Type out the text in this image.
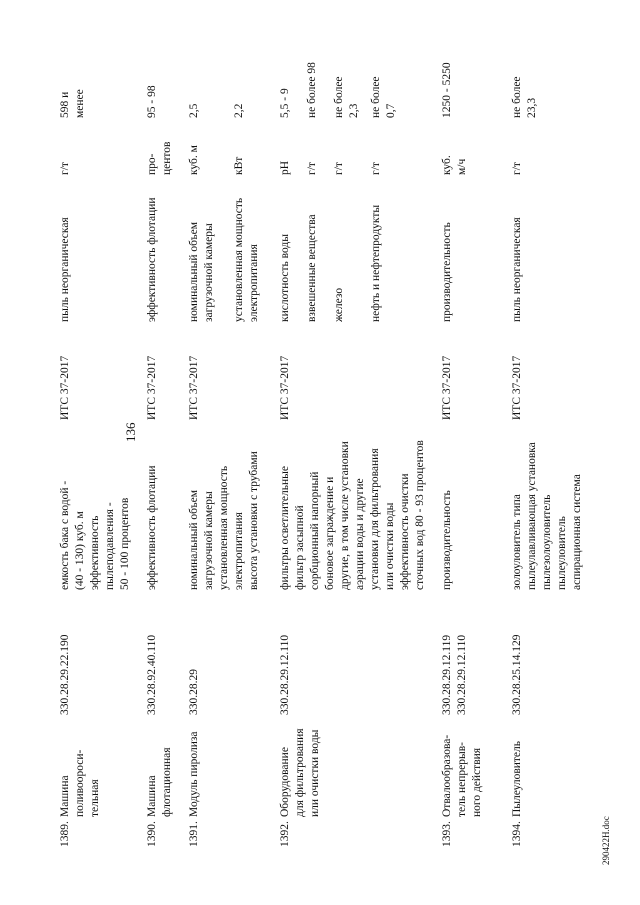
136
290422Н.doc
1389.
Машина поливоороси- тельная
330.28.29.22.190
емкость бака с водой - (40 - 130) куб. м эффективность пылеподавления - 50 - 100 процентов
ИТС 37-2017
пыль неорганическая
г/т
598 и менее
1390.
Машина флотационная
330.28.92.40.110
эффективность флотации
ИТС 37-2017
эффективность флотации
про- центов
95 - 98
1391.
Модуль пиролиза
330.28.29
номинальный объем загрузочной камеры установленная мощность электропитания высота установки с трубами
ИТС 37-2017
номинальный объем загрузочной камеры
куб. м
2,5
установленная мощность электропитания
кВт
2,2
1392.
Оборудование для фильтрования или очистки воды
330.28.29.12.110
фильтры осветлительные фильтр засыпной сорбционный напорный боновое заграждение и другие, в том числе установки аэрации воды и другие установки для фильтрования или очистки воды эффективность очистки сточных вод 80 - 93 процентов
ИТС 37-2017
кислотность воды
pH
5,5 - 9
взвешенные вещества
г/т
не более 98
железо
г/т
не более 2,3
нефть и нефтепродукты
г/т
не более 0,7
1393.
Отвалообразова- тель непрерыв- ного действия
330.28.29.12.119 330.28.29.12.110
производительность
ИТС 37-2017
производительность
куб. м/ч
1250 - 5250
1394.
Пылеуловитель
330.28.25.14.129
золоуловитель типа пылеулавливающая установка пылезолоуловитель пылеуловитель аспирационная система
ИТС 37-2017
пыль неорганическая
г/т
не более 23,3
